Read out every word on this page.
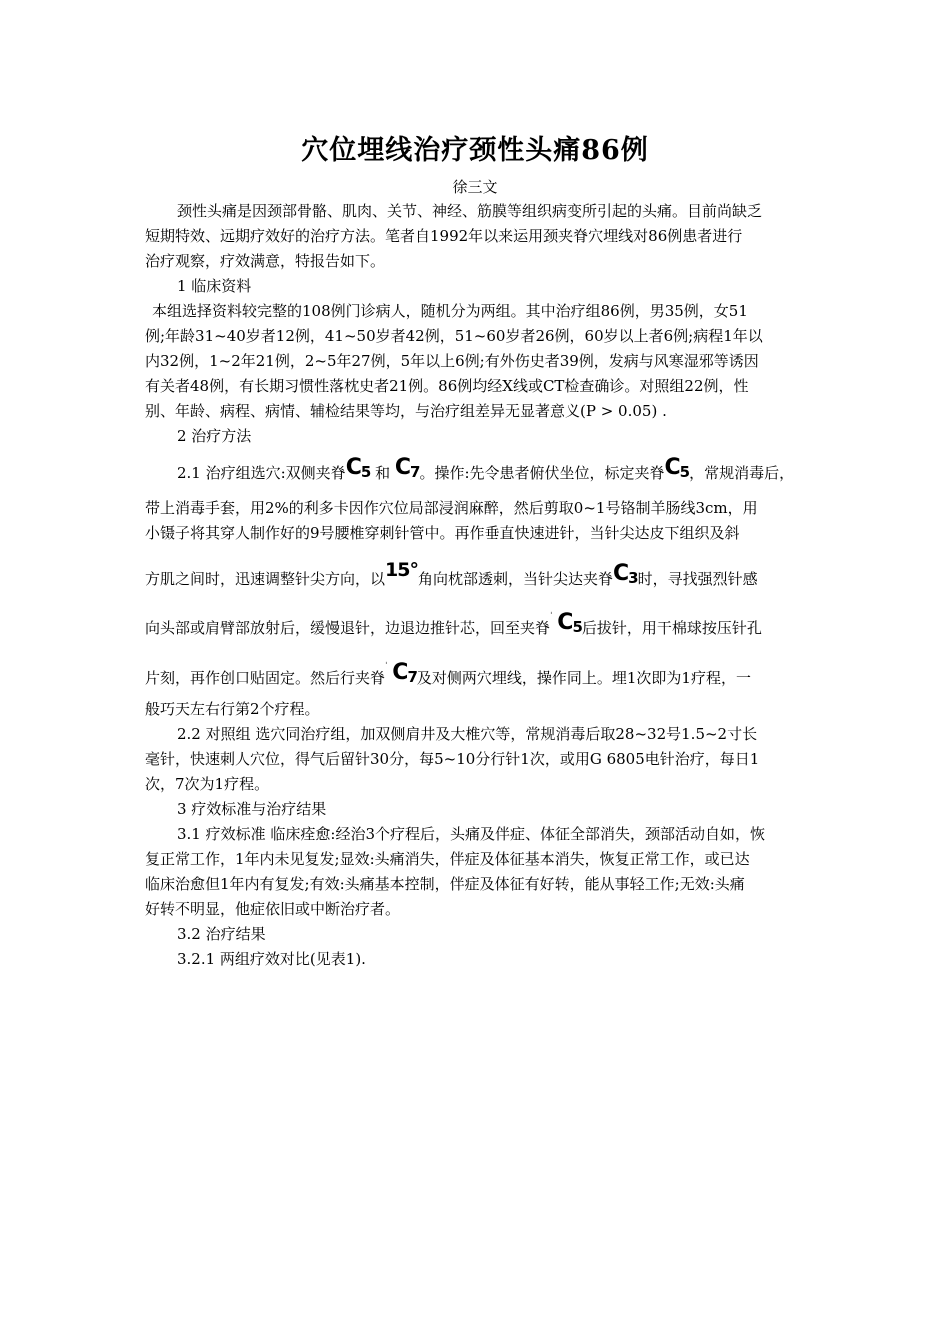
穴位埋线治疗颈性头痛86例
徐三文
颈性头痛是因颈部骨骼、肌肉、关节、神经、筋膜等组织病变所引起的头痛。目前尚缺乏
短期特效、远期疗效好的治疗方法。笔者自1992年以来运用颈夹脊穴埋线对86例患者进行
治疗观察，疗效满意，特报告如下。
1 临床资料
本组选择资料较完整的108例门诊病人，随机分为两组。其中治疗组86例，男35例，女51
例;年龄31~40岁者12例，41~50岁者42例，51~60岁者26例，60岁以上者6例;病程1年以
内32例，1~2年21例，2~5年27例，5年以上6例;有外伤史者39例，发病与风寒湿邪等诱因
有关者48例，有长期习惯性落枕史者21例。86例均经X线或CT检查确诊。对照组22例，性
别、年龄、病程、病情、辅检结果等均，与治疗组差异无显著意义(P > 0.05) .
2 治疗方法
2.1 治疗组选穴:双侧夹脊$C_5$ 和 $C_7$。操作:先令患者俯伏坐位，标定夹脊$C_5$，常规消毒后，
带上消毒手套，用2%的利多卡因作穴位局部浸润麻醉，然后剪取0~1号铬制羊肠线3cm，用
小镊子将其穿人制作好的9号腰椎穿刺针管中。再作垂直快速进针，当针尖达皮下组织及斜
方肌之间时，迅速调整针尖方向，以15°角向枕部透刺，当针尖达夹脊$C_3$时，寻找强烈针感
向头部或肩臂部放射后，缓慢退针，边退边推针芯，回至夹脊$^ˈ$ $C_5$后拔针，用干棉球按压针孔
片刻，再作创口贴固定。然后行夹脊$^ˈ$ $C_7$及对侧两穴埋线，操作同上。埋1次即为1疗程，一
般巧天左右行第2个疗程。
2.2 对照组 选穴同治疗组，加双侧肩井及大椎穴等，常规消毒后取28~32号1.5~2寸长
毫针，快速刺人穴位，得气后留针30分，每5~10分行针1次，或用G 6805电针治疗，每日1
次，7次为1疗程。
3 疗效标准与治疗结果
3.1 疗效标准 临床痊愈:经治3个疗程后，头痛及伴症、体征全部消失，颈部活动自如，恢
复正常工作，1年内未见复发;显效:头痛消失，伴症及体征基本消失，恢复正常工作，或已达
临床治愈但1年内有复发;有效:头痛基本控制，伴症及体征有好转，能从事轻工作;无效:头痛
好转不明显，他症依旧或中断治疗者。
3.2 治疗结果
3.2.1 两组疗效对比(见表1).
